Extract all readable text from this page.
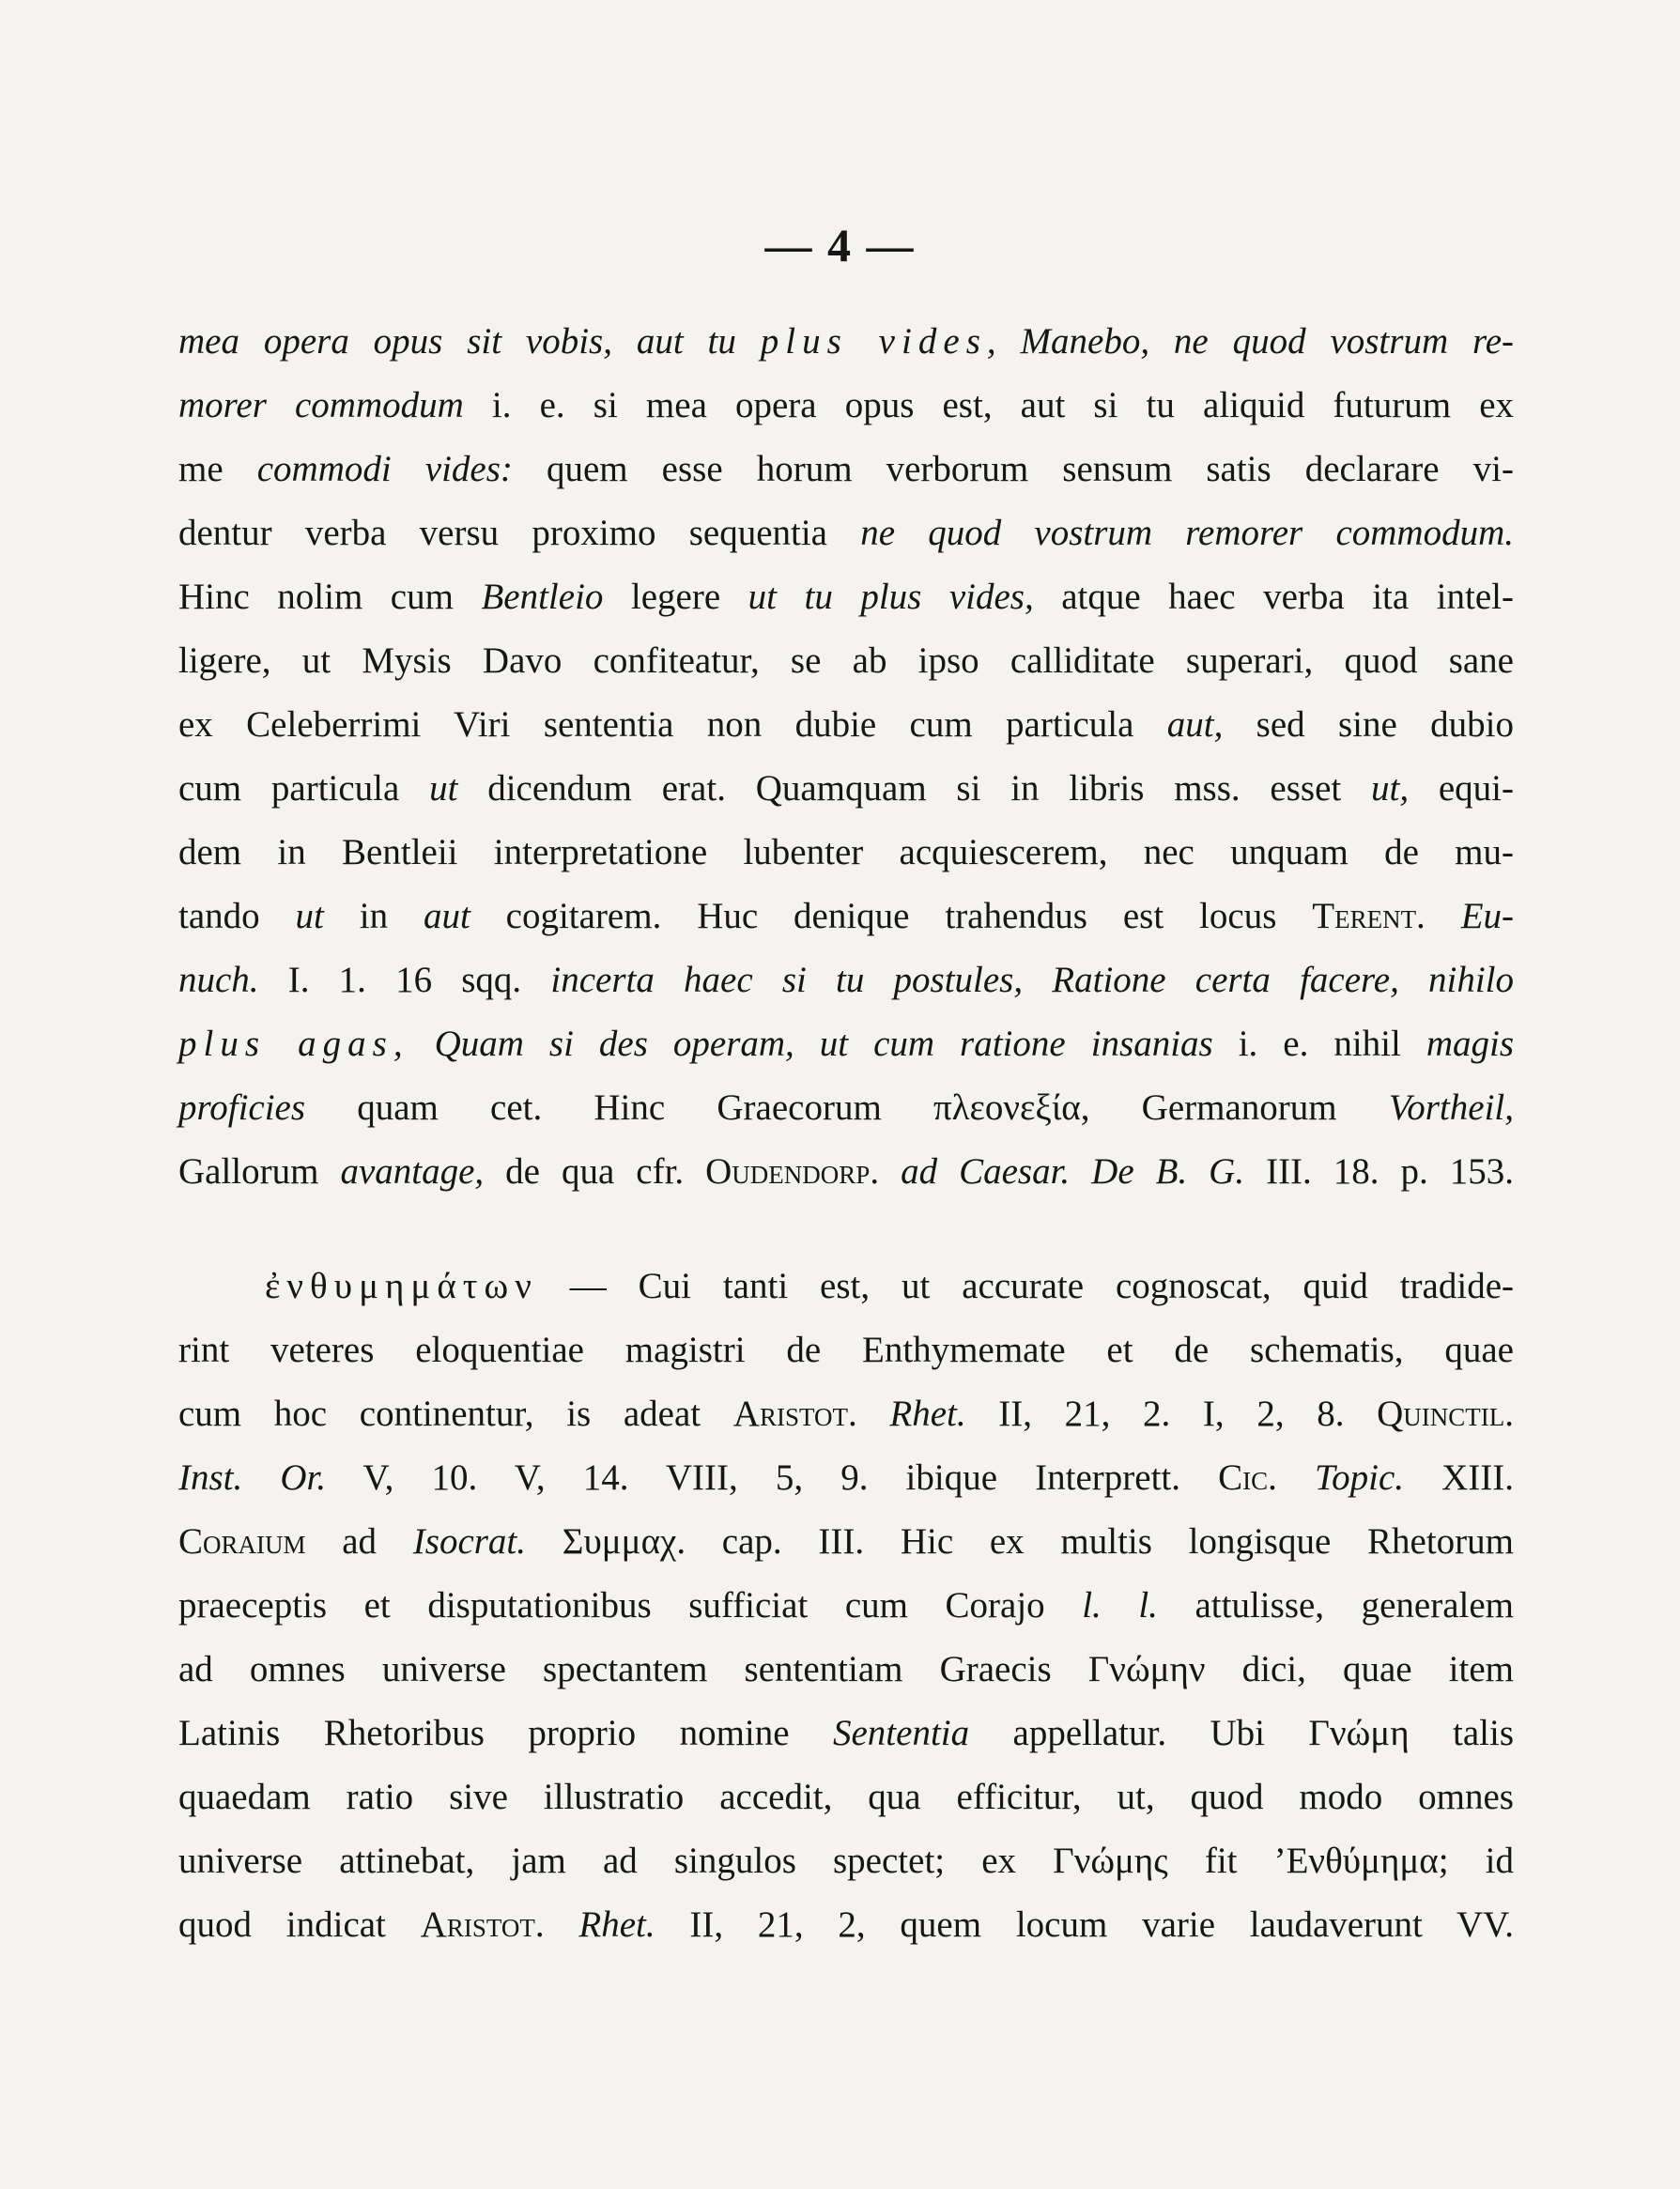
— 4 —
mea opera opus sit vobis, aut tu plus vides, Manebo, ne quod vostrum re-
morer commodum i. e. si mea opera opus est, aut si tu aliquid futurum ex
me commodi vides: quem esse horum verborum sensum satis declarare vi-
dentur verba versu proximo sequentia ne quod vostrum remorer commodum.
Hinc nolim cum Bentleio legere ut tu plus vides, atque haec verba ita intel-
ligere, ut Mysis Davo confiteatur, se ab ipso calliditate superari, quod sane
ex Celeberrimi Viri sententia non dubie cum particula aut, sed sine dubio
cum particula ut dicendum erat. Quamquam si in libris mss. esset ut, equi-
dem in Bentleii interpretatione lubenter acquiescerem, nec unquam de mu-
tando ut in aut cogitarem. Huc denique trahendus est locus Terent. Eu-
nuch. I. 1. 16 sqq. incerta haec si tu postules, Ratione certa facere, nihilo
plus agas, Quam si des operam, ut cum ratione insanias i. e. nihil magis
proficies quam cet. Hinc Graecorum πλεονεξία, Germanorum Vortheil,
Gallorum avantage, de qua cfr. Oudendorp. ad Caesar. De B. G. III. 18. p. 153.
ἐνθυμημάτων — Cui tanti est, ut accurate cognoscat, quid tradide-
rint veteres eloquentiae magistri de Enthymemate et de schematis, quae
cum hoc continentur, is adeat Aristot. Rhet. II, 21, 2. I, 2, 8. Quinctil.
Inst. Or. V, 10. V, 14. VIII, 5, 9. ibique Interprett. Cic. Topic. XIII.
Coraium ad Isocrat. Συμμαχ. cap. III. Hic ex multis longisque Rhetorum
praeceptis et disputationibus sufficiat cum Corajo l. l. attulisse, generalem
ad omnes universe spectantem sententiam Graecis Γνώμην dici, quae item
Latinis Rhetoribus proprio nomine Sententia appellatur. Ubi Γνώμη talis
quaedam ratio sive illustratio accedit, qua efficitur, ut, quod modo omnes
universe attinebat, jam ad singulos spectet; ex Γνώμης fit ’Ενθύμημα; id
quod indicat Aristot. Rhet. II, 21, 2, quem locum varie laudaverunt VV.
